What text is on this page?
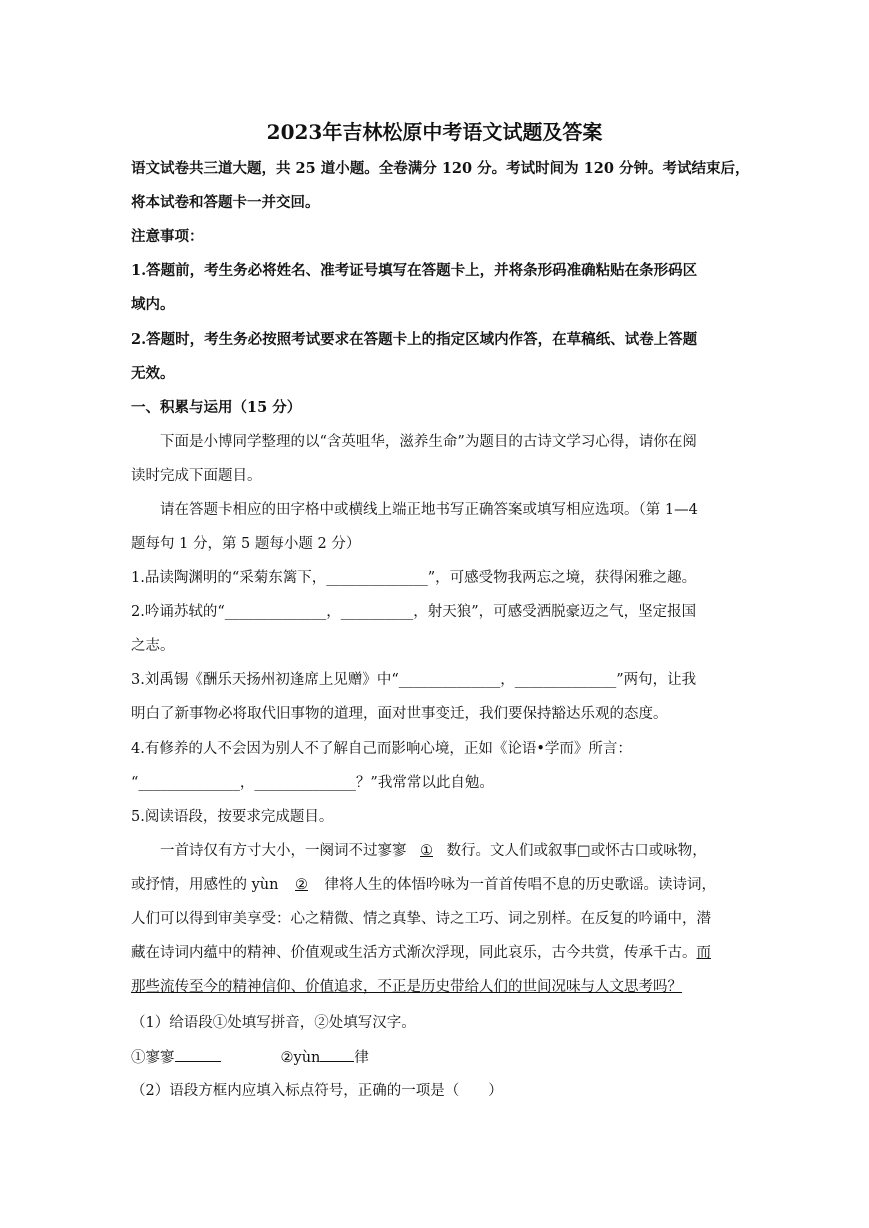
2023年吉林松原中考语文试题及答案
语文试卷共三道大题，共 25 道小题。全卷满分 120 分。考试时间为 120 分钟。考试结束后，
将本试卷和答题卡一并交回。
注意事项：
1.答题前，考生务必将姓名、准考证号填写在答题卡上，并将条形码准确粘贴在条形码区
域内。
2.答题时，考生务必按照考试要求在答题卡上的指定区域内作答，在草稿纸、试卷上答题
无效。
一、积累与运用（15 分）
下面是小博同学整理的以“含英咀华，滋养生命”为题目的古诗文学习心得，请你在阅
读时完成下面题目。
请在答题卡相应的田字格中或横线上端正地书写正确答案或填写相应选项。（第 1—4
题每句 1 分，第 5 题每小题 2 分）
1.品读陶渊明的“采菊东篱下，______________”，可感受物我两忘之境，获得闲雅之趣。
2.吟诵苏轼的“______________，__________，射天狼”，可感受洒脱豪迈之气，坚定报国
之志。
3.刘禹锡《酬乐天扬州初逢席上见赠》中“______________，______________”两句，让我
明白了新事物必将取代旧事物的道理，面对世事变迁，我们要保持豁达乐观的态度。
4.有修养的人不会因为别人不了解自己而影响心境，正如《论语•学而》所言：
“______________，______________？”我常常以此自勉。
5.阅读语段，按要求完成题目。
一首诗仅有方寸大小，一阕词不过寥寥 ① 数行。文人们或叙事□或怀古口或咏物，
或抒情，用感性的 yùn ② 律将人生的体悟吟咏为一首首传唱不息的历史歌谣。读诗词，
人们可以得到审美享受：心之精微、情之真挚、诗之工巧、词之别样。在反复的吟诵中，潜
藏在诗词内蕴中的精神、价值观或生活方式渐次浮现，同此哀乐，古今共赏，传承千古。而
那些流传至今的精神信仰、价值追求，不正是历史带给人们的世间况味与人文思考吗？
（1）给语段①处填写拼音，②处填写汉字。
①寥寥	②yùn 律
（2）语段方框内应填入标点符号，正确的一项是（　　）
